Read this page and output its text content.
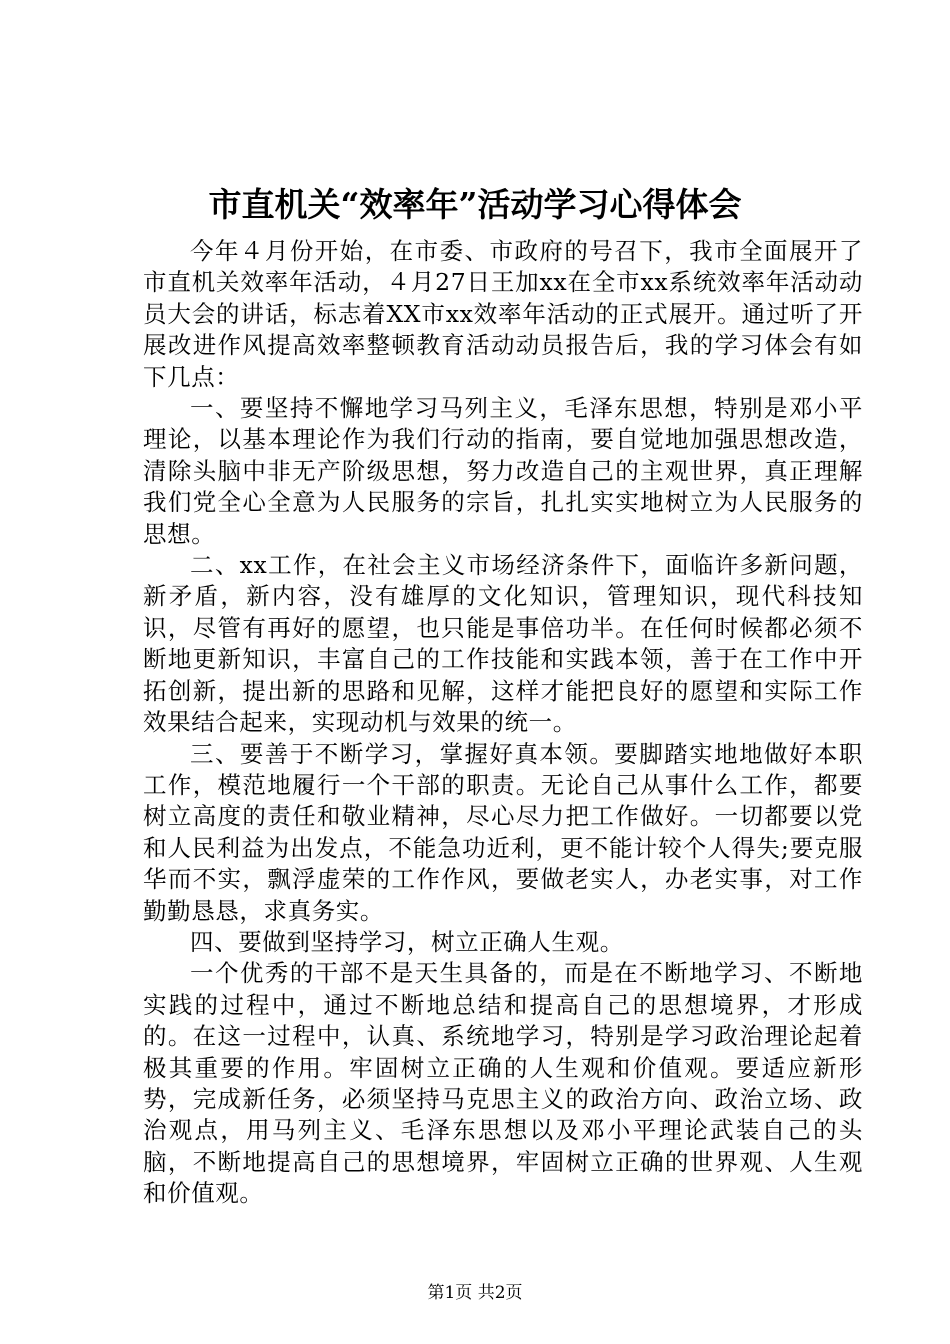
市直机关“效率年”活动学习心得体会

今年４月份开始，在市委、市政府的号召下，我市全面展开了市直机关效率年活动，４月27日王加xx在全市xx系统效率年活动动员大会的讲话，标志着XX市xx效率年活动的正式展开。通过听了开展改进作风提高效率整顿教育活动动员报告后，我的学习体会有如下几点：

一、要坚持不懈地学习马列主义，毛泽东思想，特别是邓小平理论，以基本理论作为我们行动的指南，要自觉地加强思想改造，清除头脑中非无产阶级思想，努力改造自己的主观世界，真正理解我们党全心全意为人民服务的宗旨，扎扎实实地树立为人民服务的思想。

二、xx工作，在社会主义市场经济条件下，面临许多新问题，新矛盾，新内容，没有雄厚的文化知识，管理知识，现代科技知识，尽管有再好的愿望，也只能是事倍功半。在任何时候都必须不断地更新知识，丰富自己的工作技能和实践本领，善于在工作中开拓创新，提出新的思路和见解，这样才能把良好的愿望和实际工作效果结合起来，实现动机与效果的统一。

三、要善于不断学习，掌握好真本领。要脚踏实地地做好本职工作，模范地履行一个干部的职责。无论自己从事什么工作，都要树立高度的责任和敬业精神，尽心尽力把工作做好。一切都要以党和人民利益为出发点，不能急功近利，更不能计较个人得失;要克服华而不实，飘浮虚荣的工作作风，要做老实人，办老实事，对工作勤勤恳恳，求真务实。

四、要做到坚持学习，树立正确人生观。

一个优秀的干部不是天生具备的，而是在不断地学习、不断地实践的过程中，通过不断地总结和提高自己的思想境界，才形成的。在这一过程中，认真、系统地学习，特别是学习政治理论起着极其重要的作用。牢固树立正确的人生观和价值观。要适应新形势，完成新任务，必须坚持马克思主义的政治方向、政治立场、政治观点，用马列主义、毛泽东思想以及邓小平理论武装自己的头脑，不断地提高自己的思想境界，牢固树立正确的世界观、人生观和价值观。

第1页 共2页
